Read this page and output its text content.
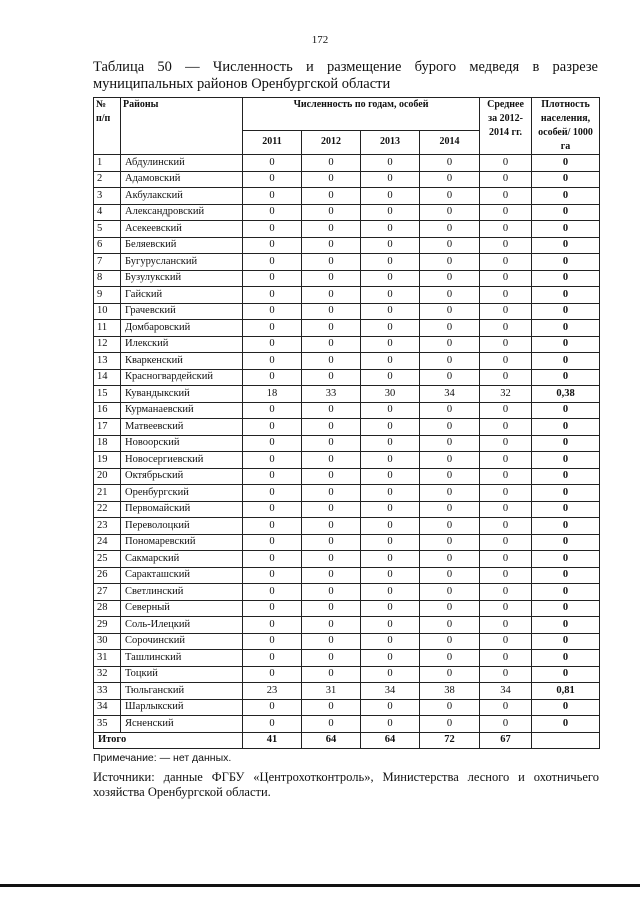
172
Таблица 50 — Численность и размещение бурого медведя в разрезе
муниципальных районов Оренбургской области
№
п/п	Районы	Численность по годам, особей				Среднее за 2012-2014 гг.	Плотность населения, особей/ 1000 га
		2011	2012	2013	2014		
1	Абдулинский	0	0	0	0	0	0
2	Адамовский	0	0	0	0	0	0
3	Акбулакский	0	0	0	0	0	0
4	Александровский	0	0	0	0	0	0
5	Асекеевский	0	0	0	0	0	0
6	Беляевский	0	0	0	0	0	0
7	Бугурусланский	0	0	0	0	0	0
8	Бузулукский	0	0	0	0	0	0
9	Гайский	0	0	0	0	0	0
10	Грачевский	0	0	0	0	0	0
11	Домбаровский	0	0	0	0	0	0
12	Илекский	0	0	0	0	0	0
13	Кваркенский	0	0	0	0	0	0
14	Красногвардейский	0	0	0	0	0	0
15	Кувандыкский	18	33	30	34	32	0,38
16	Курманаевский	0	0	0	0	0	0
17	Матвеевский	0	0	0	0	0	0
18	Новоорский	0	0	0	0	0	0
19	Новосергиевский	0	0	0	0	0	0
20	Октябрьский	0	0	0	0	0	0
21	Оренбургский	0	0	0	0	0	0
22	Первомайский	0	0	0	0	0	0
23	Переволоцкий	0	0	0	0	0	0
24	Пономаревский	0	0	0	0	0	0
25	Сакмарский	0	0	0	0	0	0
26	Саракташский	0	0	0	0	0	0
27	Светлинский	0	0	0	0	0	0
28	Северный	0	0	0	0	0	0
29	Соль-Илецкий	0	0	0	0	0	0
30	Сорочинский	0	0	0	0	0	0
31	Ташлинский	0	0	0	0	0	0
32	Тоцкий	0	0	0	0	0	0
33	Тюльганский	23	31	34	38	34	0,81
34	Шарлыкский	0	0	0	0	0	0
35	Ясненский	0	0	0	0	0	0
Итого		41	64	64	72	67	
Примечание: — нет данных.
Источники: данные ФГБУ «Центрохотконтроль», Министерства лесного и охотничьего
хозяйства Оренбургской области.
